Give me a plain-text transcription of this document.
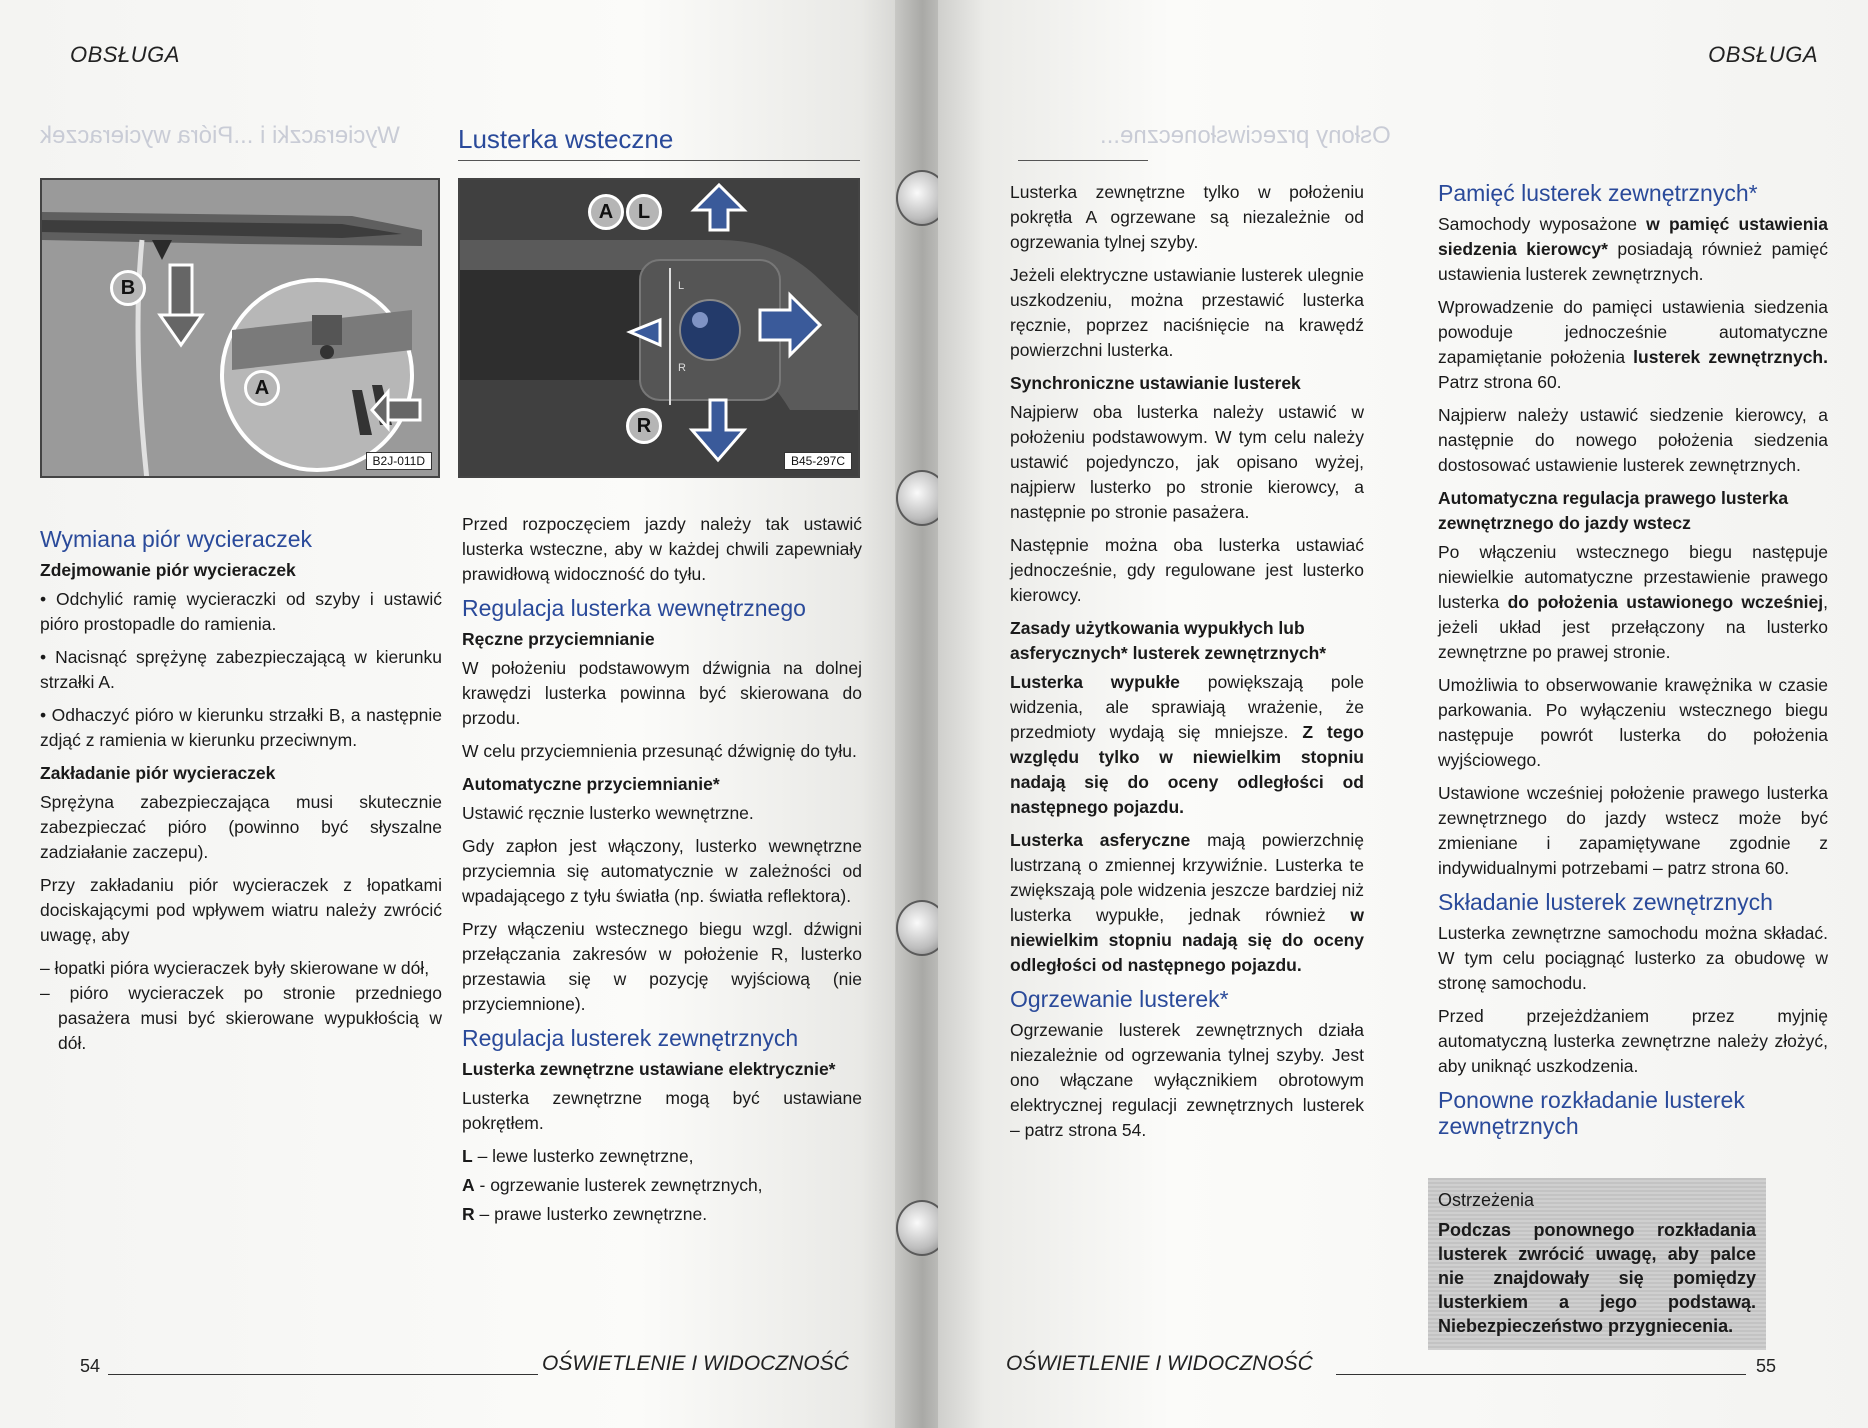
OBSŁUGA
Wycieraczki i ...Pióra wycieraczek Lusterka wsteczne
B
A
B2J-011D
A	L
R
L
R
B45-297C
Wymiana piór wycieraczek
Zdejmowanie piór wycieraczek

• Odchylić ramię wycieraczki od szyby i ustawić pióro prostopadle do ramienia.

• Nacisnąć sprężynę zabezpieczającą w kierunku strzałki A.

• Odhaczyć pióro w kierunku strzałki B, a następnie zdjąć z ramienia w kierunku przeciwnym.

Zakładanie piór wycieraczek

Sprężyna zabezpieczająca musi skutecznie zabezpieczać pióro (powinno być słyszalne zadziałanie zaczepu).

Przy zakładaniu piór wycieraczek z łopatkami dociskającymi pod wpływem wiatru należy zwrócić uwagę, aby

– łopatki pióra wycieraczek były skierowane w dół,

– pióro wycieraczek po stronie przedniego pasażera musi być skierowane wypukłością w dół.

Przed rozpoczęciem jazdy należy tak ustawić lusterka wsteczne, aby w każdej chwili zapewniały prawidłową widoczność do tyłu.

Regulacja lusterka wewnętrznego
Ręczne przyciemnianie

W położeniu podstawowym dźwignia na dolnej krawędzi lusterka powinna być skierowana do przodu.

W celu przyciemnienia przesunąć dźwignię do tyłu.

Automatyczne przyciemnianie*

Ustawić ręcznie lusterko wewnętrzne.

Gdy zapłon jest włączony, lusterko wewnętrzne przyciemnia się automatycznie w zależności od wpadającego z tyłu światła (np. światła reflektora).

Przy włączeniu wstecznego biegu wzgl. dźwigni przełączania zakresów w położenie R, lusterko przestawia się w pozycję wyjściową (nie przyciemnione).

Regulacja lusterek zewnętrznych
Lusterka zewnętrzne ustawiane elektrycznie*

Lusterka zewnętrzne mogą być ustawiane pokrętłem.

L – lewe lusterko zewnętrzne,

A - ogrzewanie lusterek zewnętrznych,

R – prawe lusterko zewnętrzne.

54	OŚWIETLENIE I WIDOCZNOŚĆ
OBSŁUGA
Osłony przeciwsłoneczne...

Lusterka zewnętrzne tylko w położeniu pokrętła A ogrzewane są niezależnie od ogrzewania tylnej szyby.

Jeżeli elektryczne ustawianie lusterek ulegnie uszkodzeniu, można przestawić lusterka ręcznie, poprzez naciśnięcie na krawędź powierzchni lusterka.

Synchroniczne ustawianie lusterek

Najpierw oba lusterka należy ustawić w położeniu podstawowym. W tym celu należy ustawić pojedynczo, jak opisano wyżej, najpierw lusterko po stronie kierowcy, a następnie po stronie pasażera.

Następnie można oba lusterka ustawiać jednocześnie, gdy regulowane jest lusterko kierowcy.

Zasady użytkowania wypukłych lub asferycznych* lusterek zewnętrznych*

Lusterka wypukłe powiększają pole widzenia, ale sprawiają wrażenie, że przedmioty wydają się mniejsze. Z tego względu tylko w niewielkim stopniu nadają się do oceny odległości od następnego pojazdu.

Lusterka asferyczne mają powierzchnię lustrzaną o zmiennej krzywiźnie. Lusterka te zwiększają pole widzenia jeszcze bardziej niż lusterka wypukłe, jednak również w niewielkim stopniu nadają się do oceny odległości od następnego pojazdu.

Ogrzewanie lusterek*

Ogrzewanie lusterek zewnętrznych działa niezależnie od ogrzewania tylnej szyby. Jest ono włączane wyłącznikiem obrotowym elektrycznej regulacji zewnętrznych lusterek – patrz strona 54.

Pamięć lusterek zewnętrznych*

Samochody wyposażone w pamięć ustawienia siedzenia kierowcy* posiadają również pamięć ustawienia lusterek zewnętrznych.

Wprowadzenie do pamięci ustawienia siedzenia powoduje jednocześnie automatyczne zapamiętanie położenia lusterek zewnętrznych. Patrz strona 60.

Najpierw należy ustawić siedzenie kierowcy, a następnie do nowego położenia siedzenia dostosować ustawienie lusterek zewnętrznych.

Automatyczna regulacja prawego lusterka zewnętrznego do jazdy wstecz

Po włączeniu wstecznego biegu następuje niewielkie automatyczne przestawienie prawego lusterka do położenia ustawionego wcześniej, jeżeli układ jest przełączony na lusterko zewnętrzne po prawej stronie.

Umożliwia to obserwowanie krawężnika w czasie parkowania. Po wyłączeniu wstecznego biegu następuje powrót lusterka do położenia wyjściowego.

Ustawione wcześniej położenie prawego lusterka zewnętrznego do jazdy wstecz może być zmieniane i zapamiętywane zgodnie z indywidualnymi potrzebami – patrz strona 60.

Składanie lusterek zewnętrznych

Lusterka zewnętrzne samochodu można składać. W tym celu pociągnąć lusterko za obudowę w stronę samochodu.

Przed przejeżdżaniem przez myjnię automatyczną lusterka zewnętrzne należy złożyć, aby uniknąć uszkodzenia.

Ponowne rozkładanie lusterek zewnętrznych
Ostrzeżenia
Podczas ponownego rozkładania lusterek zwrócić uwagę, aby palce nie znajdowały się pomiędzy lusterkiem a jego podstawą. Niebezpieczeństwo przygniecenia.
OŚWIETLENIE I WIDOCZNOŚĆ	55
